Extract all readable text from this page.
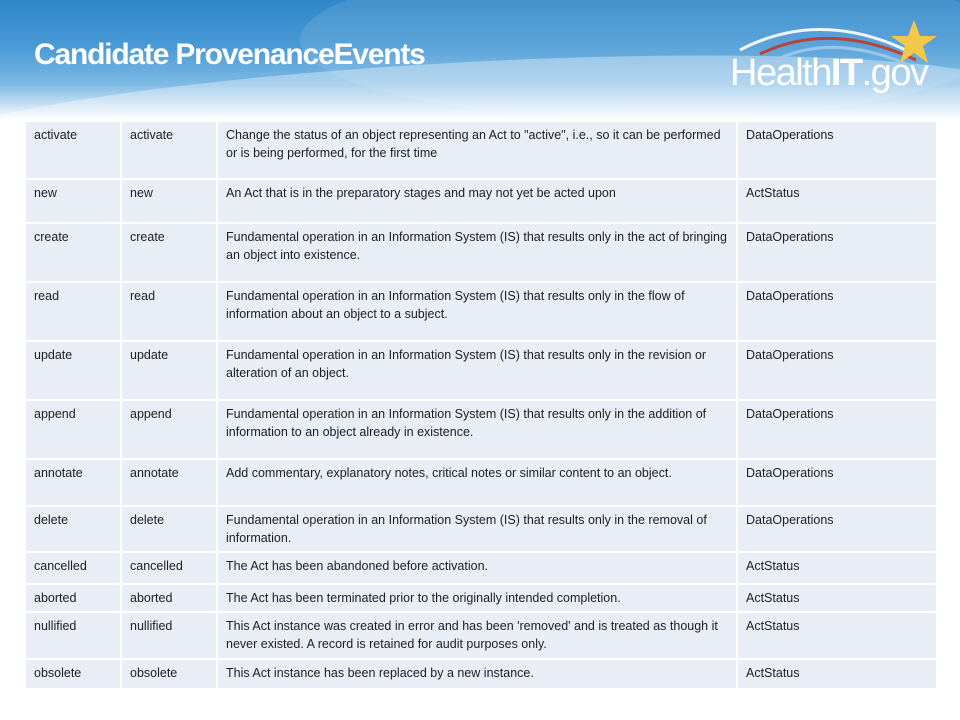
Candidate ProvenanceEvents	HealthIT.gov
activate	activate	Change the status of an object representing an Act to "active", i.e., so it can be performed or is being performed, for the first time	DataOperations
new	new	An Act that is in the preparatory stages and may not yet be acted upon	ActStatus
create	create	Fundamental operation in an Information System (IS) that results only in the act of bringing an object into existence.	DataOperations
read	read	Fundamental operation in an Information System (IS) that results only in the flow of information about an object to a subject.	DataOperations
update	update	Fundamental operation in an Information System (IS) that results only in the revision or alteration of an object.	DataOperations
append	append	Fundamental operation in an Information System (IS) that results only in the addition of information to an object already in existence.	DataOperations
annotate	annotate	Add commentary, explanatory notes, critical notes or similar content to an object.	DataOperations
delete	delete	Fundamental operation in an Information System (IS) that results only in the removal of information.	DataOperations
cancelled	cancelled	The Act has been abandoned before activation.	ActStatus
aborted	aborted	The Act has been terminated prior to the originally intended completion.	ActStatus
nullified	nullified	This Act instance was created in error and has been 'removed' and is treated as though it never existed. A record is retained for audit purposes only.	ActStatus
obsolete	obsolete	This Act instance has been replaced by a new instance.	ActStatus
